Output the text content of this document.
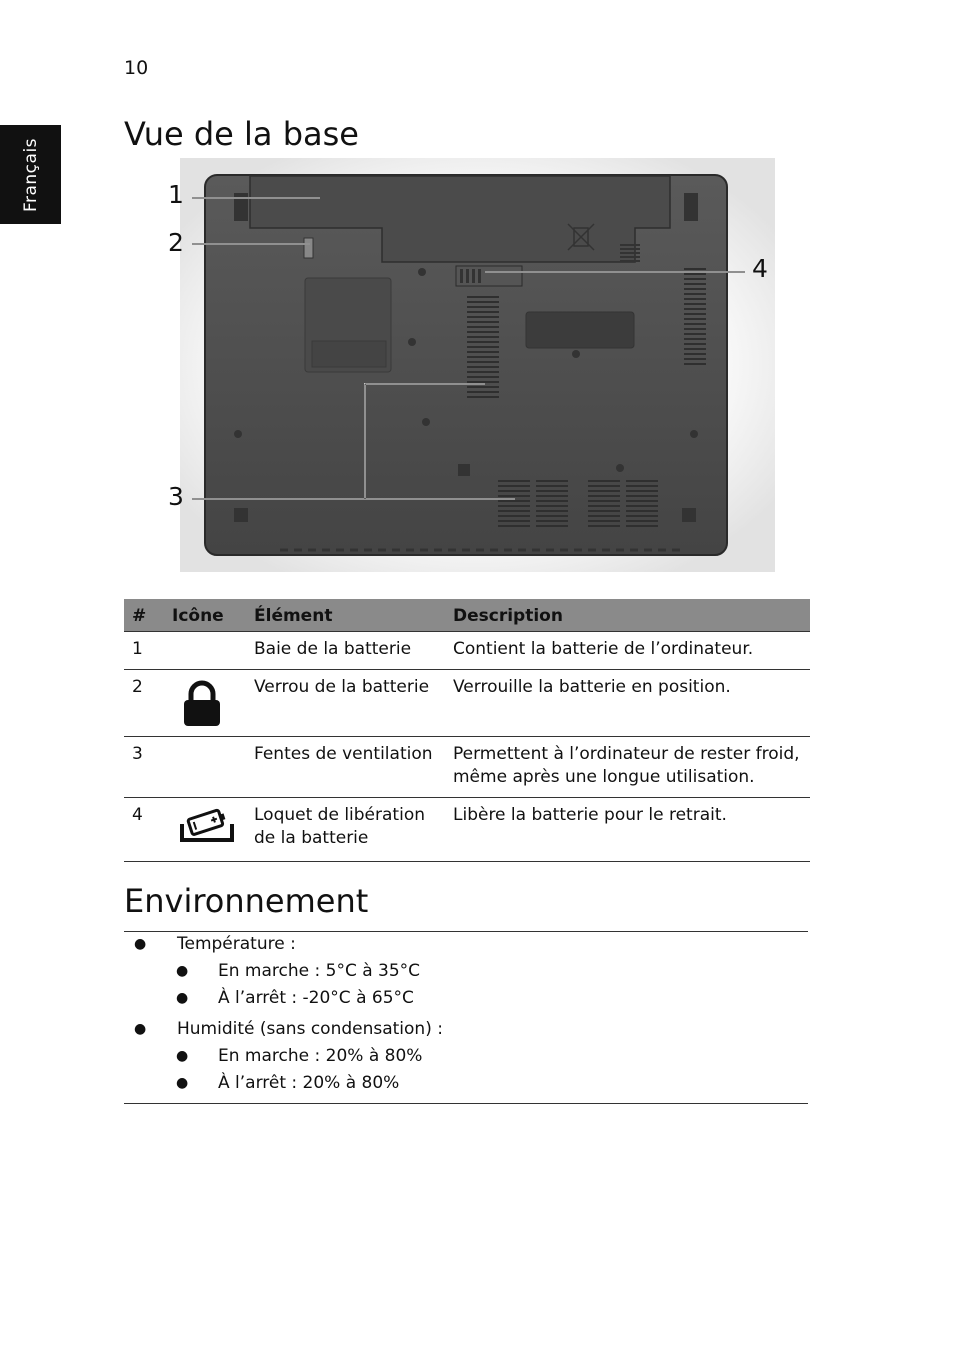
10
Français
Vue de la base
1
2
3
4
#	Icône	Élément	Description
1		Baie de la batterie	Contient la batterie de l’ordinateur.
2		Verrou de la batterie	Verrouille la batterie en position.
3		Fentes de ventilation	Permettent à l’ordinateur de rester froid, même après une longue utilisation.
4		Loquet de libération de la batterie	Libère la batterie pour le retrait.
Environnement
● Température :
● En marche : 5°C à 35°C
● À l’arrêt : -20°C à 65°C
● Humidité (sans condensation) :
● En marche : 20% à 80%
● À l’arrêt : 20% à 80%
